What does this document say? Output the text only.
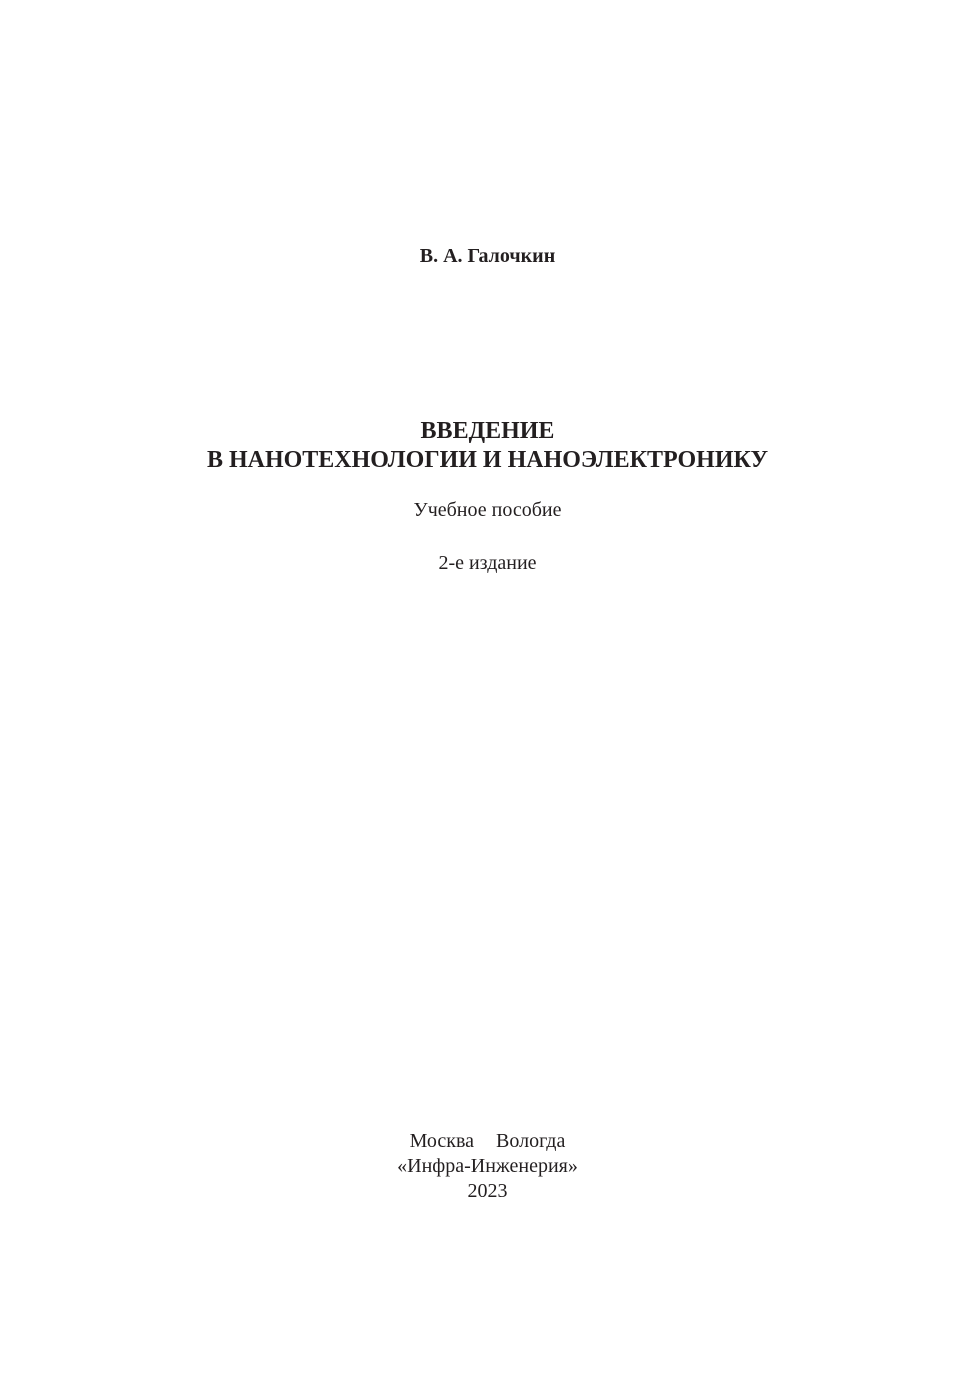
В. А. Галочкин
ВВЕДЕНИЕ
В НАНОТЕХНОЛОГИИ И НАНОЭЛЕКТРОНИКУ
Учебное пособие
2-е издание
Москва Вологда
«Инфра-Инженерия»
2023
